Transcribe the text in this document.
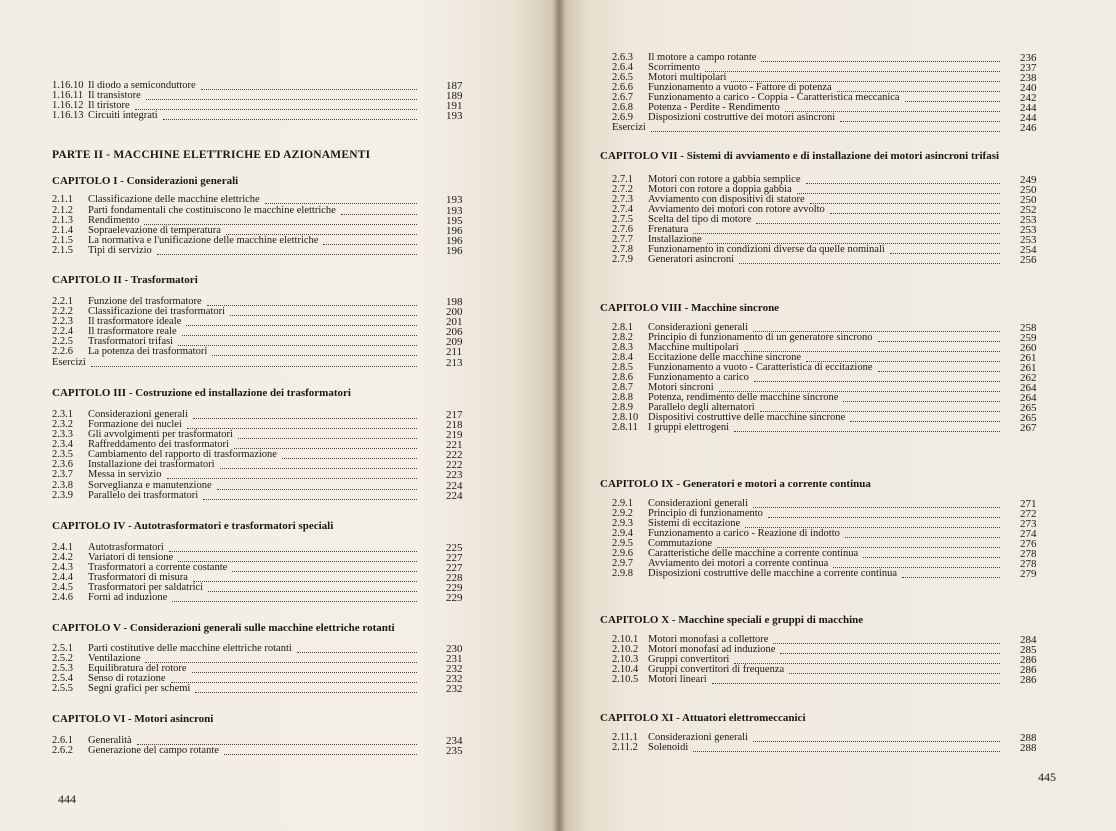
444
1.16.10 Il diodo a semiconduttore	187
1.16.11 Il transistore	189
1.16.12 Il tiristore	191
1.16.13 Circuiti integrati	193
PARTE II - MACCHINE ELETTRICHE ED AZIONAMENTI
CAPITOLO I - Considerazioni generali
2.1.1 Classificazione delle macchine elettriche	193
2.1.2 Parti fondamentali che costituiscono le macchine elettriche	193
2.1.3 Rendimento	195
2.1.4 Sopraelevazione di temperatura	196
2.1.5 La normativa e l'unificazione delle macchine elettriche	196
2.1.5 Tipi di servizio	196
CAPITOLO II - Trasformatori
2.2.1 Funzione del trasformatore	198
2.2.2 Classificazione dei trasformatori	200
2.2.3 Il trasformatore ideale	201
2.2.4 Il trasformatore reale	206
2.2.5 Trasformatori trifasi	209
2.2.6 La potenza dei trasformatori	211
Esercizi	213
CAPITOLO III - Costruzione ed installazione dei trasformatori
2.3.1 Considerazioni generali	217
2.3.2 Formazione dei nuclei	218
2.3.3 Gli avvolgimenti per trasformatori	219
2.3.4 Raffreddamento dei trasformatori	221
2.3.5 Cambiamento del rapporto di trasformazione	222
2.3.6 Installazione dei trasformatori	222
2.3.7 Messa in servizio	223
2.3.8 Sorveglianza e manutenzione	224
2.3.9 Parallelo dei trasformatori	224
CAPITOLO IV - Autotrasformatori e trasformatori speciali
2.4.1 Autotrasformatori	225
2.4.2 Variatori di tensione	227
2.4.3 Trasformatori a corrente costante	227
2.4.4 Trasformatori di misura	228
2.4.5 Trasformatori per saldatrici	229
2.4.6 Forni ad induzione	229
CAPITOLO V - Considerazioni generali sulle macchine elettriche rotanti
2.5.1 Parti costitutive delle macchine elettriche rotanti	230
2.5.2 Ventilazione	231
2.5.3 Equilibratura del rotore	232
2.5.4 Senso di rotazione	232
2.5.5 Segni grafici per schemi	232
CAPITOLO VI - Motori asincroni
2.6.1 Generalità	234
2.6.2 Generazione del campo rotante	235
445
2.6.3 Il motore a campo rotante	236
2.6.4 Scorrimento	237
2.6.5 Motori multipolari	238
2.6.6 Funzionamento a vuoto - Fattore di potenza	240
2.6.7 Funzionamento a carico - Coppia - Caratteristica meccanica	242
2.6.8 Potenza - Perdite - Rendimento	244
2.6.9 Disposizioni costruttive dei motori asincroni	244
Esercizi	246
CAPITOLO VII - Sistemi di avviamento e di installazione dei motori asincroni trifasi
2.7.1 Motori con rotore a gabbia semplice	249
2.7.2 Motori con rotore a doppia gabbia	250
2.7.3 Avviamento con dispositivi di statore	250
2.7.4 Avviamento dei motori con rotore avvolto	252
2.7.5 Scelta del tipo di motore	253
2.7.6 Frenatura	253
2.7.7 Installazione	253
2.7.8 Funzionamento in condizioni diverse da quelle nominali	254
2.7.9 Generatori asincroni	256
CAPITOLO VIII - Macchine sincrone
2.8.1 Considerazioni generali	258
2.8.2 Principio di funzionamento di un generatore sincrono	259
2.8.3 Macchine multipolari	260
2.8.4 Eccitazione delle macchine sincrone	261
2.8.5 Funzionamento a vuoto - Caratteristica di eccitazione	261
2.8.6 Funzionamento a carico	262
2.8.7 Motori sincroni	264
2.8.8 Potenza, rendimento delle macchine sincrone	264
2.8.9 Parallelo degli alternatori	265
2.8.10 Dispositivi costruttive delle macchine sincrone	265
2.8.11 I gruppi elettrogeni	267
CAPITOLO IX - Generatori e motori a corrente continua
2.9.1 Considerazioni generali	271
2.9.2 Principio di funzionamento	272
2.9.3 Sistemi di eccitazione	273
2.9.4 Funzionamento a carico - Reazione di indotto	274
2.9.5 Commutazione	276
2.9.6 Caratteristiche delle macchine a corrente continua	278
2.9.7 Avviamento dei motori a corrente continua	278
2.9.8 Disposizioni costruttive delle macchine a corrente continua	279
CAPITOLO X - Macchine speciali e gruppi di macchine
2.10.1 Motori monofasi a collettore	284
2.10.2 Motori monofasi ad induzione	285
2.10.3 Gruppi convertitori	286
2.10.4 Gruppi convertitori di frequenza	286
2.10.5 Motori lineari	286
CAPITOLO XI - Attuatori elettromeccanici
2.11.1 Considerazioni generali	288
2.11.2 Solenoidi	288
